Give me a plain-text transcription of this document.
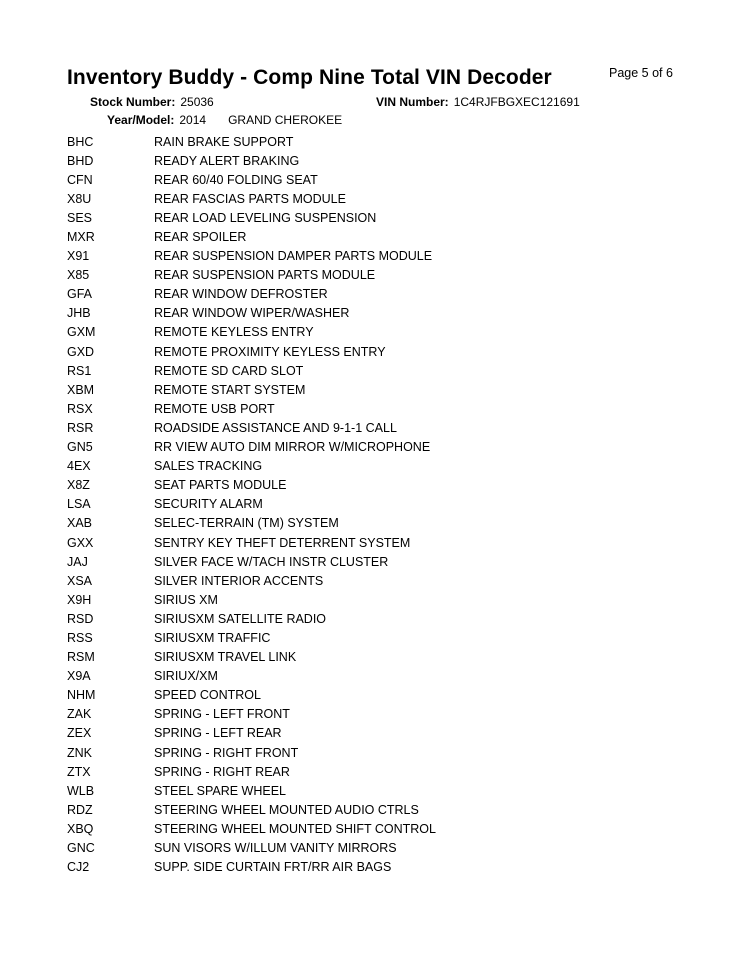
Inventory Buddy - Comp Nine Total VIN Decoder	Page 5 of 6
Stock Number: 25036	VIN Number: 1C4RJFBGXEC121691
Year/Model: 2014 GRAND CHEROKEE
BHC	RAIN BRAKE SUPPORT
BHD	READY ALERT BRAKING
CFN	REAR 60/40 FOLDING SEAT
X8U	REAR FASCIAS PARTS MODULE
SES	REAR LOAD LEVELING SUSPENSION
MXR	REAR SPOILER
X91	REAR SUSPENSION DAMPER PARTS MODULE
X85	REAR SUSPENSION PARTS MODULE
GFA	REAR WINDOW DEFROSTER
JHB	REAR WINDOW WIPER/WASHER
GXM	REMOTE KEYLESS ENTRY
GXD	REMOTE PROXIMITY KEYLESS ENTRY
RS1	REMOTE SD CARD SLOT
XBM	REMOTE START SYSTEM
RSX	REMOTE USB PORT
RSR	ROADSIDE ASSISTANCE AND 9-1-1 CALL
GN5	RR VIEW AUTO DIM MIRROR W/MICROPHONE
4EX	SALES TRACKING
X8Z	SEAT PARTS MODULE
LSA	SECURITY ALARM
XAB	SELEC-TERRAIN (TM) SYSTEM
GXX	SENTRY KEY THEFT DETERRENT SYSTEM
JAJ	SILVER FACE W/TACH INSTR CLUSTER
XSA	SILVER INTERIOR ACCENTS
X9H	SIRIUS XM
RSD	SIRIUSXM SATELLITE RADIO
RSS	SIRIUSXM TRAFFIC
RSM	SIRIUSXM TRAVEL LINK
X9A	SIRIUX/XM
NHM	SPEED CONTROL
ZAK	SPRING - LEFT FRONT
ZEX	SPRING - LEFT REAR
ZNK	SPRING - RIGHT FRONT
ZTX	SPRING - RIGHT REAR
WLB	STEEL SPARE WHEEL
RDZ	STEERING WHEEL MOUNTED AUDIO CTRLS
XBQ	STEERING WHEEL MOUNTED SHIFT CONTROL
GNC	SUN VISORS W/ILLUM VANITY MIRRORS
CJ2	SUPP. SIDE CURTAIN FRT/RR AIR BAGS
